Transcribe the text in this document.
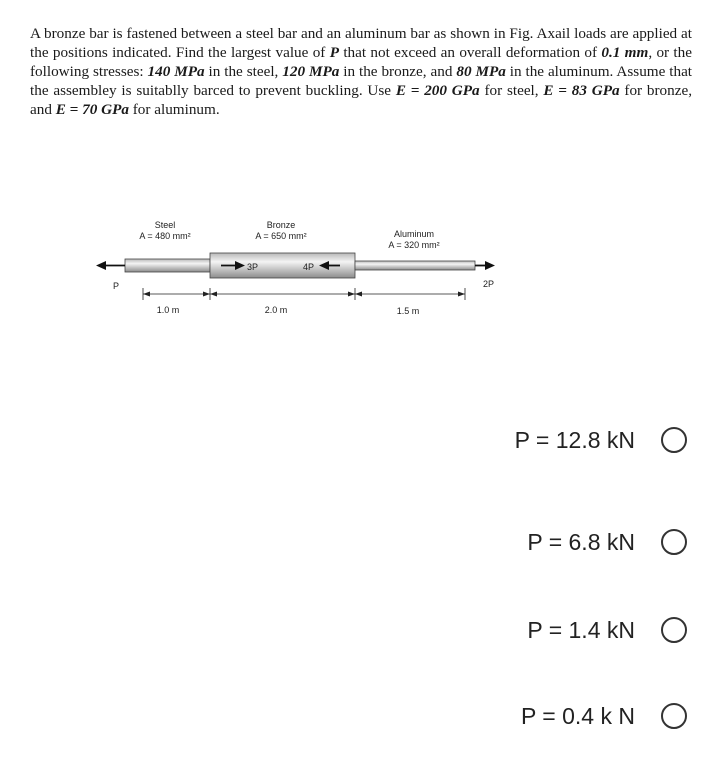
A bronze bar is fastened between a steel bar and an aluminum bar as shown in Fig. Axail loads are applied at the positions indicated. Find the largest value of P that not exceed an overall deformation of 0.1 mm, or the following stresses: 140 MPa in the steel, 120 MPa in the bronze, and 80 MPa in the aluminum. Assume that the assembley is suitablly barced to prevent buckling. Use E = 200 GPa for steel, E = 83 GPa for bronze, and E = 70 GPa for aluminum.
Steel
A = 480 mm²
Bronze
A = 650 mm²	Aluminum
A = 320 mm²
P
3P	4P
2P
1.0 m	2.0 m	1.5 m
P = 12.8 kN
P = 6.8 kN
P = 1.4 kN
P = 0.4 k N
